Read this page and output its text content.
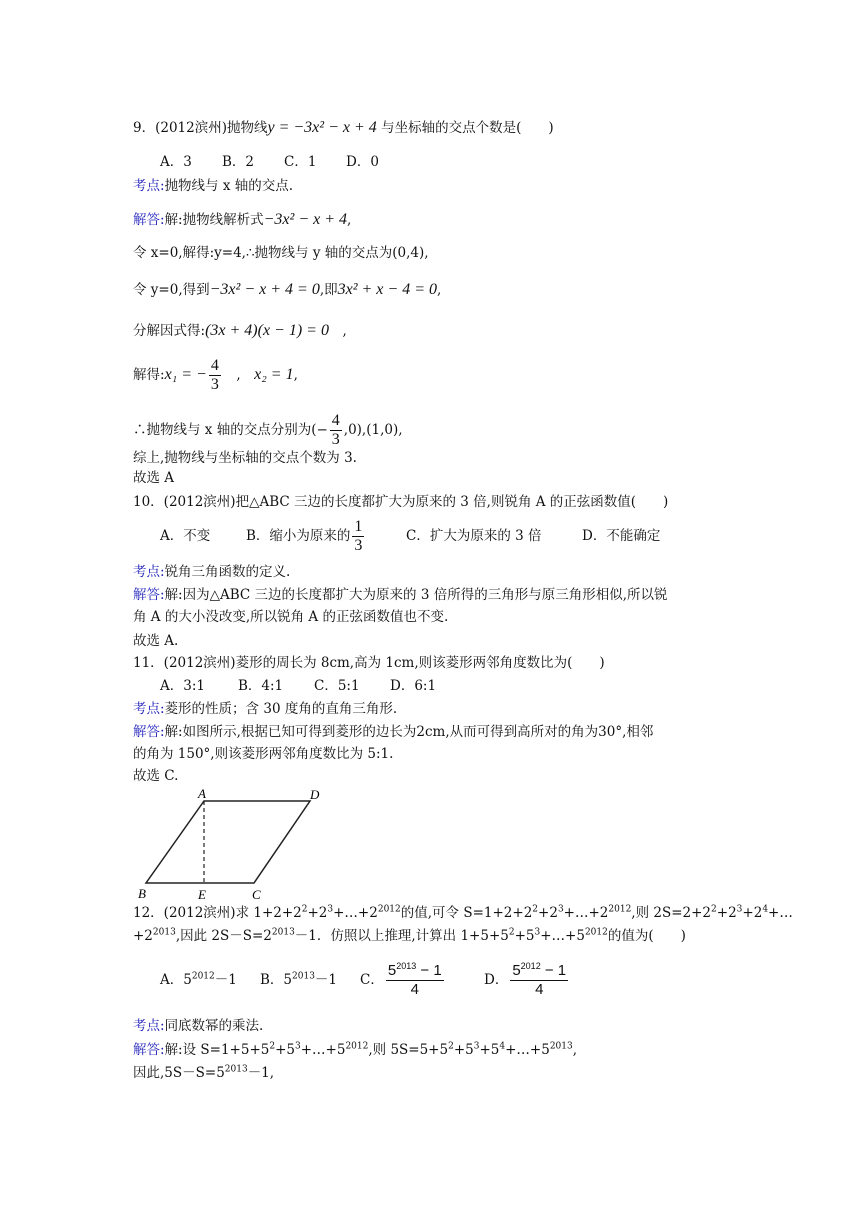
9．(2012滨州)抛物线y = −3x² − x + 4 与坐标轴的交点个数是(　　)
A．3 B．2 C．1 D．0
考点:抛物线与 x 轴的交点.
解答:解:抛物线解析式−3x² − x + 4,
令 x=0,解得:y=4,∴抛物线与 y 轴的交点为(0,4),
令 y=0,得到−3x² − x + 4 = 0,即3x² + x − 4 = 0,
分解因式得:(3x + 4)(x − 1) = 0　,
解得:x₁ = − $\frac{4}{3}$ 　,　x₂ = 1,
∴抛物线与 x 轴的交点分别为(− $\frac{4}{3} ,0),(1,0)$,
综上,抛物线与坐标轴的交点个数为 3.
故选 A
10．(2012滨州)把△ABC 三边的长度都扩大为原来的 3 倍,则锐角 A 的正弦函数值(　　)
A．不变	B．缩小为原来的 $\frac{1}{3}$	C．扩大为原来的 3 倍	D．不能确定
考点:锐角三角函数的定义.
解答:解:因为△ABC 三边的长度都扩大为原来的 3 倍所得的三角形与原三角形相似,所以锐
角 A 的大小没改变,所以锐角 A 的正弦函数值也不变.
故选 A.
11．(2012滨州)菱形的周长为 8cm,高为 1cm,则该菱形两邻角度数比为(　　)
A．3:1 B．4:1 C．5:1 D．6:1
考点:菱形的性质；含 30 度角的直角三角形.
解答:解:如图所示,根据已知可得到菱形的边长为2cm,从而可得到高所对的角为30°,相邻
的角为 150°,则该菱形两邻角度数比为 5:1.
故选 C.
A	D
B	E	C
12．(2012滨州)求 $1+2+2^2+2^3+\dots+2^{2012}$的值,可令 $S=1+2+2^2+2^3+\dots+2^{2012}$,则 $2S=2+2^2+2^3+2^4+\dots$
$+2^{2013}$,因此 $2S-S=2^{2013}-1$．仿照以上推理,计算出 $1+5+5^2+5^3+\dots+5^{2012}$的值为(　　)
A．$5^{2012}-1$ B．$5^{2013}-1$ C． $\frac{5^{2013} - 1}{4}$	D． $\frac{5^{2012} - 1}{4}$
考点:同底数幂的乘法.
解答:解:设 $S=1+5+5^2+5^3+\dots+5^{2012}$,则 $5S=5+5^2+5^3+5^4+\dots+5^{2013}$,
因此$,5S-S=5^{2013}-1$,
